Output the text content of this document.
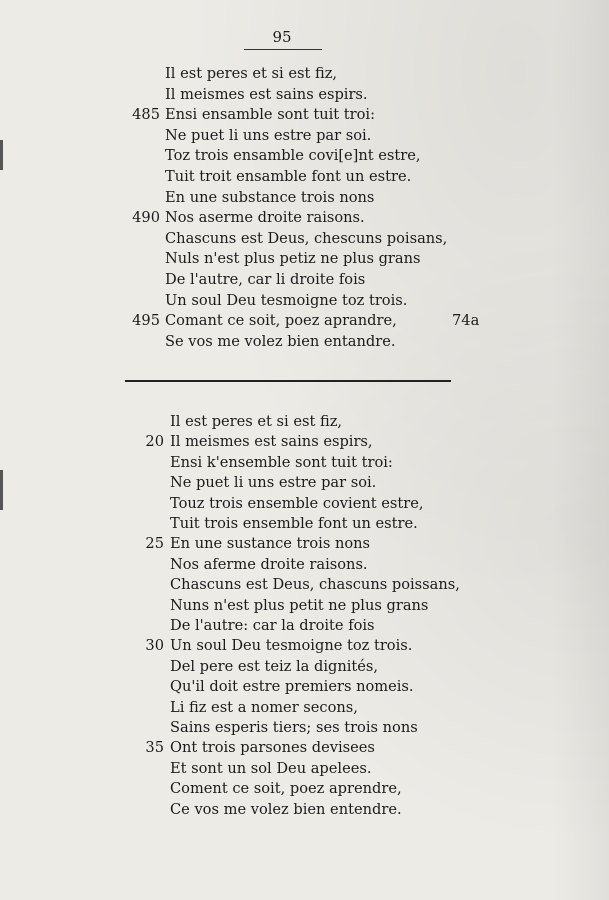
95
Il est peres et si est fiz,
Il meismes est sains espirs.
485 Ensi ensamble sont tuit troi:
Ne puet li uns estre par soi.
Toz trois ensamble covi[e]nt estre,
Tuit troit ensamble font un estre.
En une substance trois nons
490 Nos aserme droite raisons.
Chascuns est Deus, chescuns poisans,
Nuls n'est plus petiz ne plus grans
De l'autre, car li droite fois
Un soul Deu tesmoigne toz trois.
495 Comant ce soit, poez aprandre,
Se vos me volez bien entandre.
74a
Il est peres et si est fiz,
20 Il meismes est sains espirs,
Ensi k'ensemble sont tuit troi:
Ne puet li uns estre par soi.
Touz trois ensemble covient estre,
Tuit trois ensemble font un estre.
25 En une sustance trois nons
Nos aferme droite raisons.
Chascuns est Deus, chascuns poissans,
Nuns n'est plus petit ne plus grans
De l'autre: car la droite fois
30 Un soul Deu tesmoigne toz trois.
Del pere est teiz la dignités,
Qu'il doit estre premiers nomeis.
Li fiz est a nomer secons,
Sains esperis tiers; ses trois nons
35 Ont trois parsones devisees
Et sont un sol Deu apelees.
Coment ce soit, poez aprendre,
Ce vos me volez bien entendre.
